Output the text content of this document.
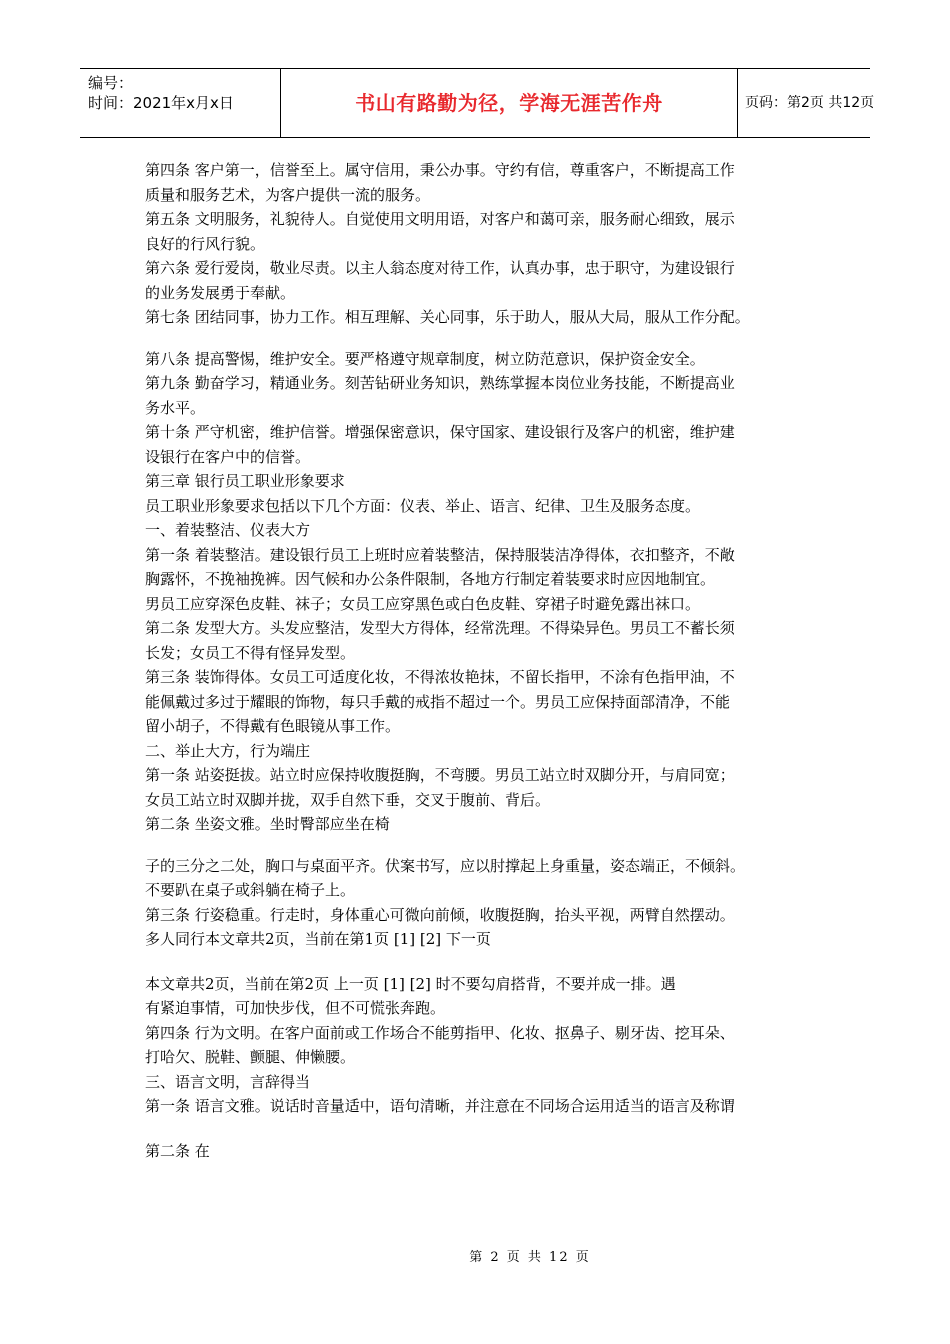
编号：
时间：2021年x月x日	书山有路勤为径，学海无涯苦作舟	页码：第2页 共12页
第四条 客户第一，信誉至上。属守信用，秉公办事。守约有信，尊重客户，不断提高工作
质量和服务艺术，为客户提供一流的服务。
第五条 文明服务，礼貌待人。自觉使用文明用语，对客户和蔼可亲，服务耐心细致，展示
良好的行风行貌。
第六条 爱行爱岗，敬业尽责。以主人翁态度对待工作，认真办事，忠于职守，为建设银行
的业务发展勇于奉献。
第七条 团结同事，协力工作。相互理解、关心同事，乐于助人，服从大局，服从工作分配。
第八条 提高警惕，维护安全。要严格遵守规章制度，树立防范意识，保护资金安全。
第九条 勤奋学习，精通业务。刻苦钻研业务知识，熟练掌握本岗位业务技能，不断提高业
务水平。
第十条 严守机密，维护信誉。增强保密意识，保守国家、建设银行及客户的机密，维护建
设银行在客户中的信誉。
第三章 银行员工职业形象要求
员工职业形象要求包括以下几个方面：仪表、举止、语言、纪律、卫生及服务态度。
一、着装整洁、仪表大方
第一条 着装整洁。建设银行员工上班时应着装整洁，保持服装洁净得体，衣扣整齐，不敞
胸露怀，不挽袖挽裤。因气候和办公条件限制，各地方行制定着装要求时应因地制宜。
男员工应穿深色皮鞋、袜子；女员工应穿黑色或白色皮鞋、穿裙子时避免露出袜口。
第二条 发型大方。头发应整洁，发型大方得体，经常洗理。不得染异色。男员工不蓄长须
长发；女员工不得有怪异发型。
第三条 装饰得体。女员工可适度化妆，不得浓妆艳抹，不留长指甲，不涂有色指甲油，不
能佩戴过多过于耀眼的饰物，每只手戴的戒指不超过一个。男员工应保持面部清净，不能
留小胡子，不得戴有色眼镜从事工作。
二、举止大方，行为端庄
第一条 站姿挺拔。站立时应保持收腹挺胸，不弯腰。男员工站立时双脚分开，与肩同宽；
女员工站立时双脚并拢，双手自然下垂，交叉于腹前、背后。
第二条 坐姿文雅。坐时臀部应坐在椅
子的三分之二处，胸口与桌面平齐。伏案书写，应以肘撑起上身重量，姿态端正，不倾斜。
不要趴在桌子或斜躺在椅子上。
第三条 行姿稳重。行走时，身体重心可微向前倾，收腹挺胸，抬头平视，两臂自然摆动。
多人同行本文章共2页，当前在第1页 [1] [2] 下一页
本文章共2页，当前在第2页 上一页 [1] [2] 时不要勾肩搭背，不要并成一排。遇
有紧迫事情，可加快步伐，但不可慌张奔跑。
第四条 行为文明。在客户面前或工作场合不能剪指甲、化妆、抠鼻子、剔牙齿、挖耳朵、
打哈欠、脱鞋、颤腿、伸懒腰。
三、语言文明，言辞得当
第一条 语言文雅。说话时音量适中，语句清晰，并注意在不同场合运用适当的语言及称谓
第二条 在
第 2 页 共 12 页
